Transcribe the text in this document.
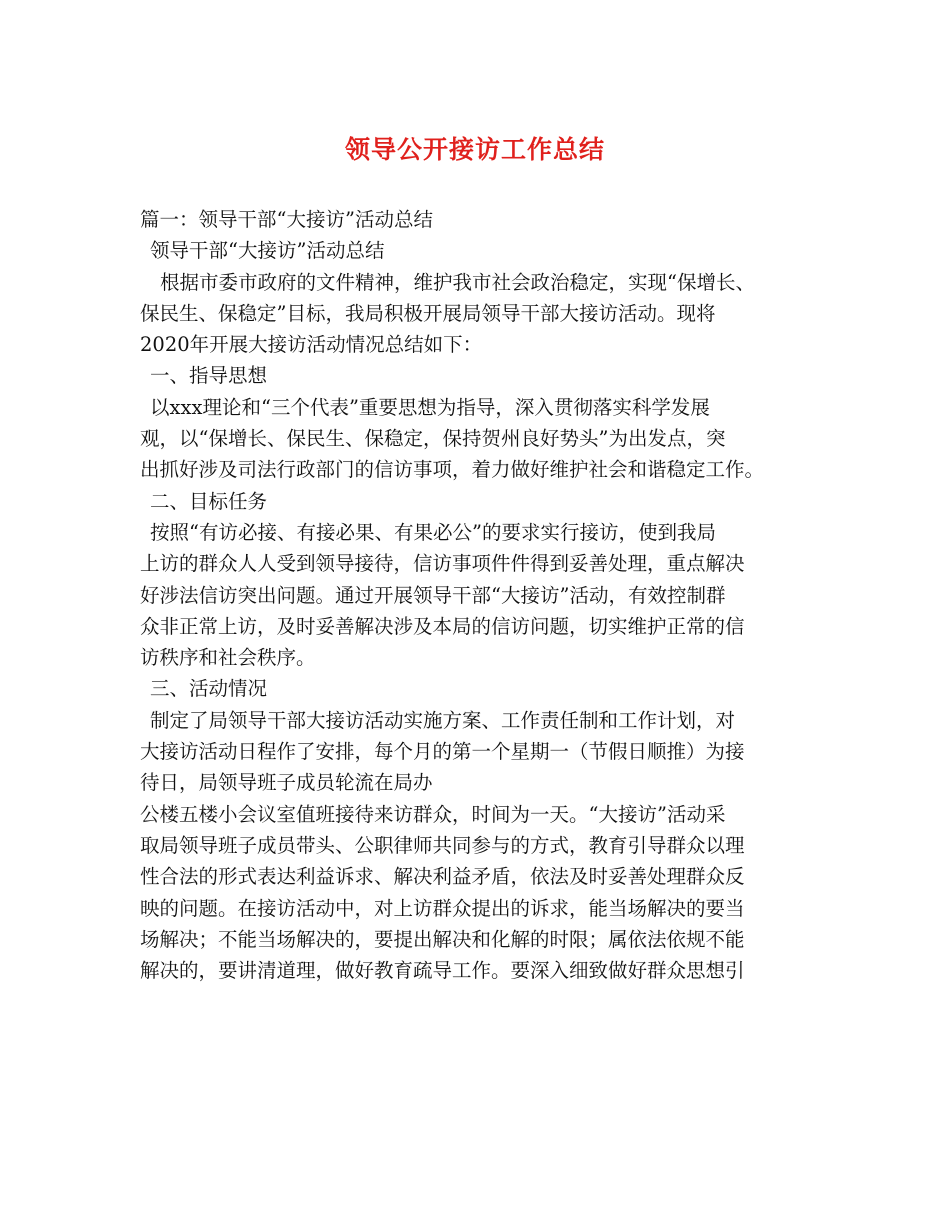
领导公开接访工作总结
篇一：领导干部“大接访”活动总结
领导干部“大接访”活动总结
根据市委市政府的文件精神，维护我市社会政治稳定，实现“保增长、
保民生、保稳定”目标，我局积极开展局领导干部大接访活动。现将
2020年开展大接访活动情况总结如下：
一、指导思想
以xxx理论和“三个代表”重要思想为指导，深入贯彻落实科学发展
观，以“保增长、保民生、保稳定，保持贺州良好势头”为出发点，突
出抓好涉及司法行政部门的信访事项，着力做好维护社会和谐稳定工作。
二、目标任务
按照“有访必接、有接必果、有果必公”的要求实行接访，使到我局
上访的群众人人受到领导接待，信访事项件件得到妥善处理，重点解决
好涉法信访突出问题。通过开展领导干部“大接访”活动，有效控制群
众非正常上访，及时妥善解决涉及本局的信访问题，切实维护正常的信
访秩序和社会秩序。
三、活动情况
制定了局领导干部大接访活动实施方案、工作责任制和工作计划，对
大接访活动日程作了安排，每个月的第一个星期一（节假日顺推）为接
待日，局领导班子成员轮流在局办
公楼五楼小会议室值班接待来访群众，时间为一天。“大接访”活动采
取局领导班子成员带头、公职律师共同参与的方式，教育引导群众以理
性合法的形式表达利益诉求、解决利益矛盾，依法及时妥善处理群众反
映的问题。在接访活动中，对上访群众提出的诉求，能当场解决的要当
场解决；不能当场解决的，要提出解决和化解的时限；属依法依规不能
解决的，要讲清道理，做好教育疏导工作。要深入细致做好群众思想引
